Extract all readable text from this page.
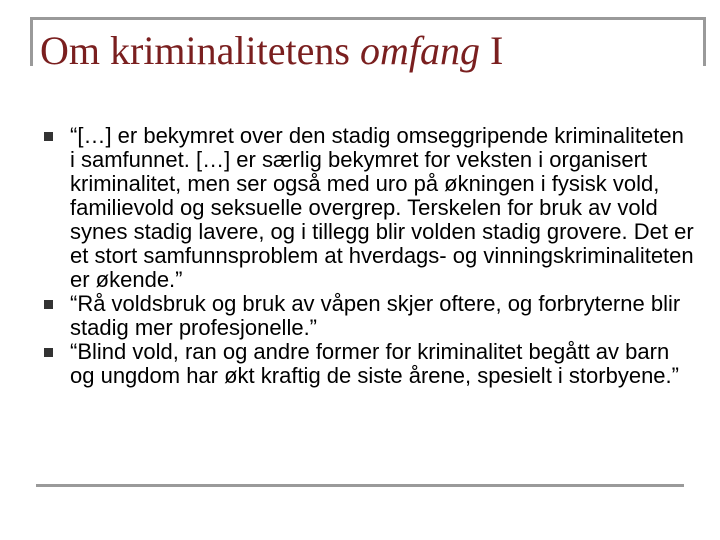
Om kriminalitetens omfang I
“[…] er bekymret over den stadig omseggripende kriminaliteten i samfunnet. […] er særlig bekymret for veksten i organisert kriminalitet, men ser også med uro på økningen i fysisk vold, familievold og seksuelle overgrep. Terskelen for bruk av vold synes stadig lavere, og i tillegg blir volden stadig grovere. Det er et stort samfunnsproblem at hverdags- og vinningskriminaliteten er økende.”
“Rå voldsbruk og bruk av våpen skjer oftere, og forbryterne blir stadig mer profesjonelle.”
“Blind vold, ran og andre former for kriminalitet begått av barn og ungdom har økt kraftig de siste årene, spesielt i storbyene.”
